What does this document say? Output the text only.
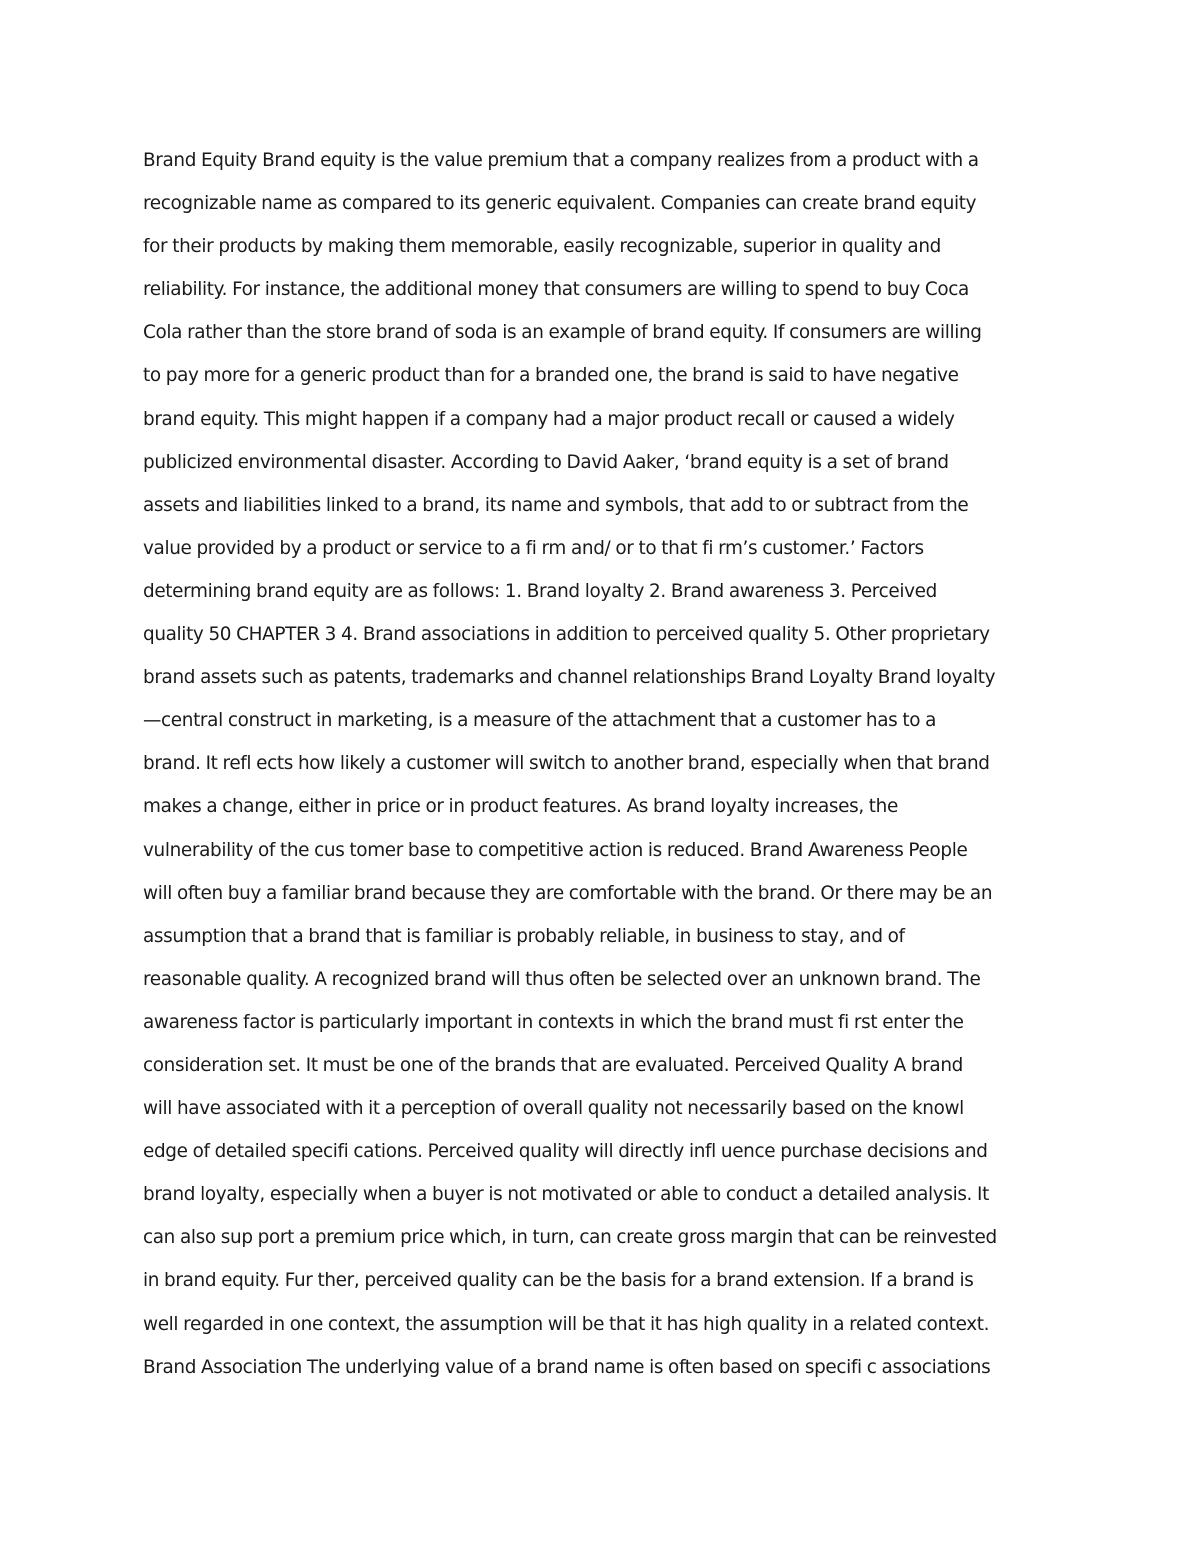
Brand Equity Brand equity is the value premium that a company realizes from a product with a
recognizable name as compared to its generic equivalent. Companies can create brand equity
for their products by making them memorable, easily recognizable, superior in quality and
reliability. For instance, the additional money that consumers are willing to spend to buy Coca
Cola rather than the store brand of soda is an example of brand equity. If consumers are willing
to pay more for a generic product than for a branded one, the brand is said to have negative
brand equity. This might happen if a company had a major product recall or caused a widely
publicized environmental disaster. According to David Aaker, ‘brand equity is a set of brand
assets and liabilities linked to a brand, its name and symbols, that add to or subtract from the
value provided by a product or service to a fi rm and/ or to that fi rm’s customer.’ Factors
determining brand equity are as follows: 1. Brand loyalty 2. Brand awareness 3. Perceived
quality 50 CHAPTER 3 4. Brand associations in addition to perceived quality 5. Other proprietary
brand assets such as patents, trademarks and channel relationships Brand Loyalty Brand loyalty
—central construct in marketing, is a measure of the attachment that a customer has to a
brand. It refl ects how likely a customer will switch to another brand, especially when that brand
makes a change, either in price or in product features. As brand loyalty increases, the
vulnerability of the cus tomer base to competitive action is reduced. Brand Awareness People
will often buy a familiar brand because they are comfortable with the brand. Or there may be an
assumption that a brand that is familiar is probably reliable, in business to stay, and of
reasonable quality. A recognized brand will thus often be selected over an unknown brand. The
awareness factor is particularly important in contexts in which the brand must fi rst enter the
consideration set. It must be one of the brands that are evaluated. Perceived Quality A brand
will have associated with it a perception of overall quality not necessarily based on the knowl
edge of detailed specifi cations. Perceived quality will directly infl uence purchase decisions and
brand loyalty, especially when a buyer is not motivated or able to conduct a detailed analysis. It
can also sup port a premium price which, in turn, can create gross margin that can be reinvested
in brand equity. Fur ther, perceived quality can be the basis for a brand extension. If a brand is
well regarded in one context, the assumption will be that it has high quality in a related context.
Brand Association The underlying value of a brand name is often based on specifi c associations
